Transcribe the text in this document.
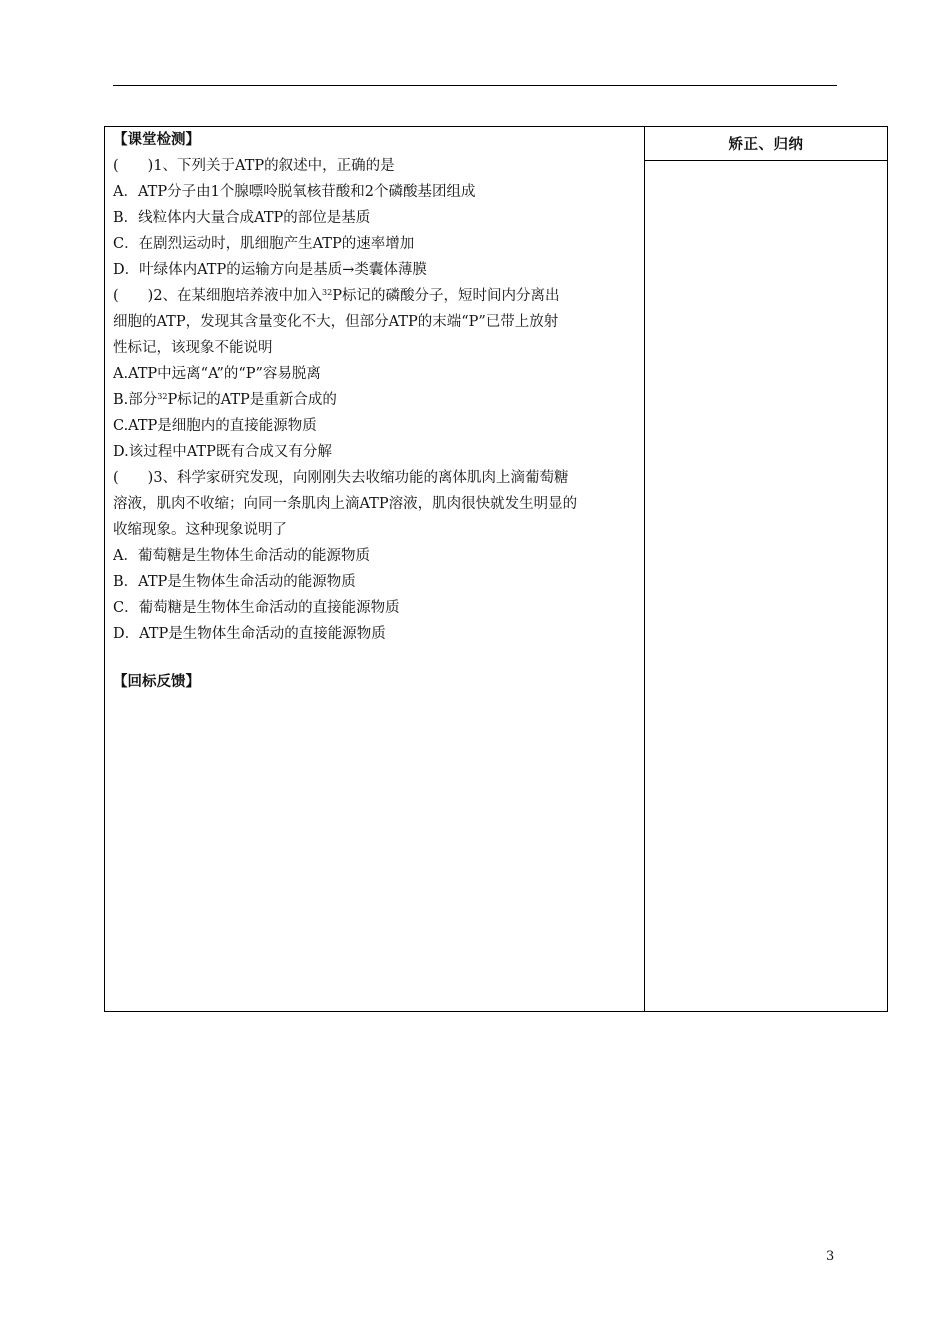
【课堂检测】
(　　)1、下列关于ATP的叙述中，正确的是
A．ATP分子由1个腺嘌呤脱氧核苷酸和2个磷酸基团组成
B．线粒体内大量合成ATP的部位是基质
C．在剧烈运动时，肌细胞产生ATP的速率增加
D．叶绿体内ATP的运输方向是基质→类囊体薄膜
(　　)2、在某细胞培养液中加入$^{32}$P标记的磷酸分子，短时间内分离出
细胞的ATP，发现其含量变化不大，但部分ATP的末端“P”已带上放射
性标记，该现象不能说明
A.ATP中远离“A”的“P”容易脱离
B.部分$^{32}$P标记的ATP是重新合成的
C.ATP是细胞内的直接能源物质
D.该过程中ATP既有合成又有分解
(　　)3、科学家研究发现，向刚刚失去收缩功能的离体肌肉上滴葡萄糖
溶液，肌肉不收缩；向同一条肌肉上滴ATP溶液，肌肉很快就发生明显的
收缩现象。这种现象说明了
A．葡萄糖是生物体生命活动的能源物质
B．ATP是生物体生命活动的能源物质
C．葡萄糖是生物体生命活动的直接能源物质
D．ATP是生物体生命活动的直接能源物质
【回标反馈】
矫正、归纳
3
